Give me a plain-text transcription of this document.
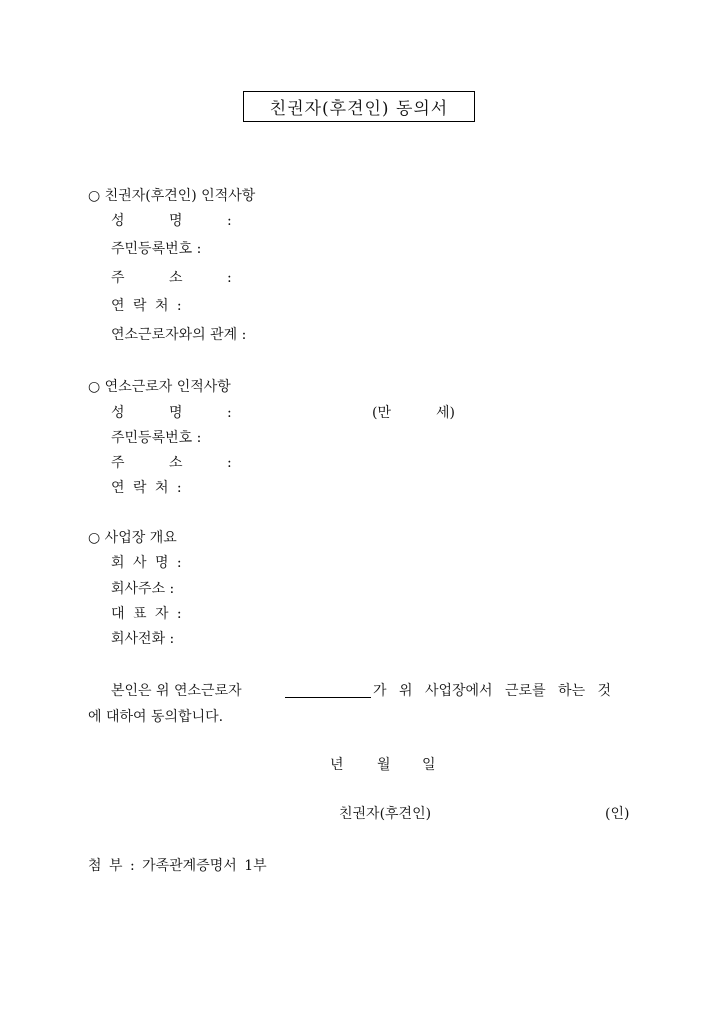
친권자(후견인) 동의서
○ 친권자(후견인) 인적사항
성 명 :
주민등록번호 :
주 소 :
연 락 처 :
연소근로자와의 관계 :
○ 연소근로자 인적사항
성 명 :	(만	세)
주민등록번호 :
주 소 :
연 락 처 :
○ 사업장 개요
회 사 명 :
회사주소 :
대 표 자 :
회사전화 :
본인은 위 연소근로자	가 위 사업장에서 근로를 하는 것
에 대하여 동의합니다.
년 월 일
친권자(후견인)	(인)
첨 부 : 가족관계증명서 1부
